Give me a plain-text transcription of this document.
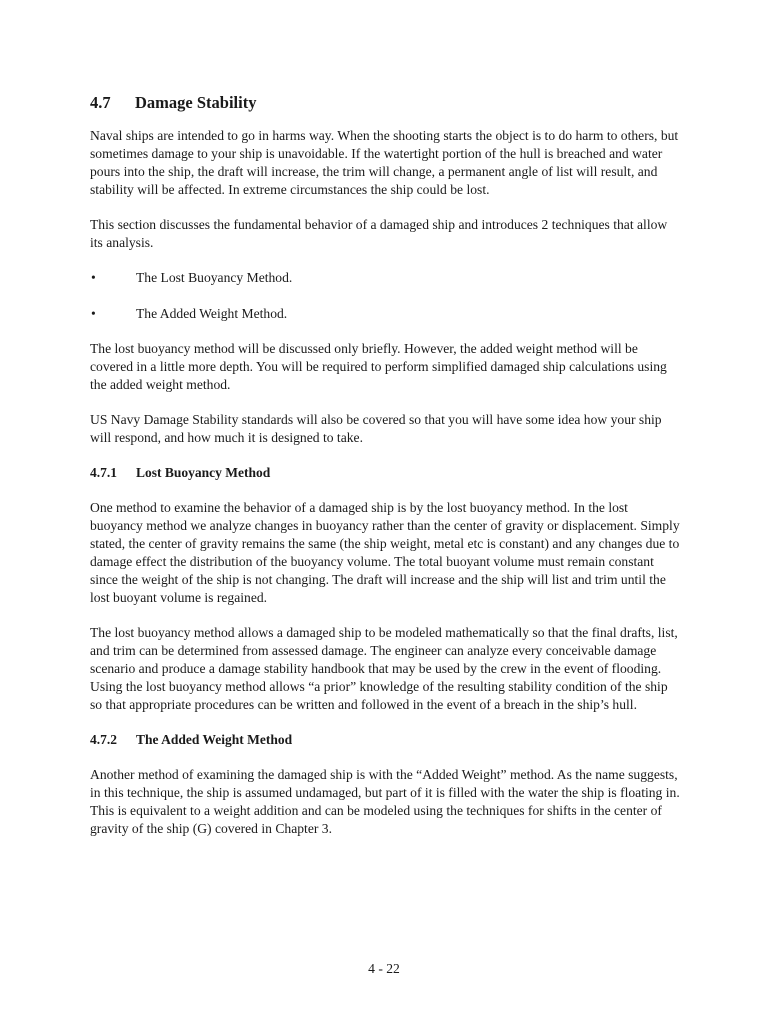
4.7 Damage Stability

Naval ships are intended to go in harms way. When the shooting starts the object is to do harm to others, but sometimes damage to your ship is unavoidable. If the watertight portion of the hull is breached and water pours into the ship, the draft will increase, the trim will change, a permanent angle of list will result, and stability will be affected. In extreme circumstances the ship could be lost.

This section discusses the fundamental behavior of a damaged ship and introduces 2 techniques that allow its analysis.

•	The Lost Buoyancy Method.
•	The Added Weight Method.

The lost buoyancy method will be discussed only briefly. However, the added weight method will be covered in a little more depth. You will be required to perform simplified damaged ship calculations using the added weight method.

US Navy Damage Stability standards will also be covered so that you will have some idea how your ship will respond, and how much it is designed to take.

4.7.1 Lost Buoyancy Method

One method to examine the behavior of a damaged ship is by the lost buoyancy method. In the lost buoyancy method we analyze changes in buoyancy rather than the center of gravity or displacement. Simply stated, the center of gravity remains the same (the ship weight, metal etc is constant) and any changes due to damage effect the distribution of the buoyancy volume. The total buoyant volume must remain constant since the weight of the ship is not changing. The draft will increase and the ship will list and trim until the lost buoyant volume is regained.

The lost buoyancy method allows a damaged ship to be modeled mathematically so that the final drafts, list, and trim can be determined from assessed damage. The engineer can analyze every conceivable damage scenario and produce a damage stability handbook that may be used by the crew in the event of flooding. Using the lost buoyancy method allows “a prior” knowledge of the resulting stability condition of the ship so that appropriate procedures can be written and followed in the event of a breach in the ship’s hull.

4.7.2 The Added Weight Method

Another method of examining the damaged ship is with the “Added Weight” method. As the name suggests, in this technique, the ship is assumed undamaged, but part of it is filled with the water the ship is floating in. This is equivalent to a weight addition and can be modeled using the techniques for shifts in the center of gravity of the ship (G) covered in Chapter 3.

4 - 22
